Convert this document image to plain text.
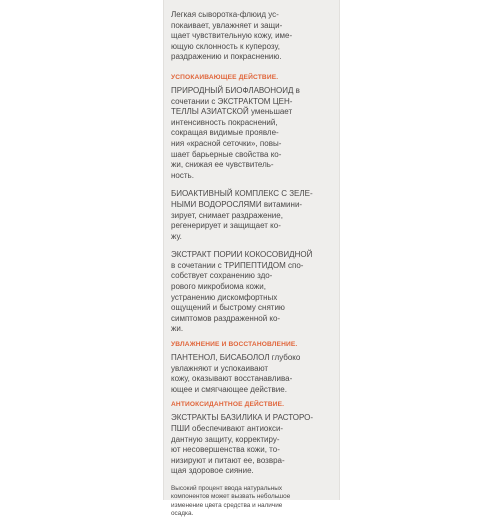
Легкая сыворотка-флюид ус-
покаивает, увлажняет и защи-
щает чувствительную кожу, име-
ющую склонность к куперозу,
раздражению и покраснению.

УСПОКАИВАЮЩЕЕ ДЕЙСТВИЕ.

ПРИРОДНЫЙ БИОФЛАВОНОИД в
сочетании с ЭКСТРАКТОМ ЦЕН-
ТЕЛЛЫ АЗИАТСКОЙ уменьшает
интенсивность покраснений,
сокращая видимые проявле-
ния «красной сеточки», повы-
шает барьерные свойства ко-
жи, снижая ее чувствитель-
ность.

БИОАКТИВНЫЙ КОМПЛЕКС С ЗЕЛЕ-
НЫМИ ВОДОРОСЛЯМИ витамини-
зирует, снимает раздражение,
регенерирует и защищает ко-
жу.

ЭКСТРАКТ ПОРИИ КОКОСОВИДНОЙ
в сочетании с ТРИПЕПТИДОМ спо-
собствует сохранению здо-
рового микробиома кожи,
устранению дискомфортных
ощущений и быстрому снятию
симптомов раздраженной ко-
жи.

УВЛАЖНЕНИЕ И ВОССТАНОВЛЕНИЕ.

ПАНТЕНОЛ, БИСАБОЛОЛ глубоко
увлажняют и успокаивают
кожу, оказывают восстанавлива-
ющее и смягчающее действие.

АНТИОКСИДАНТНОЕ ДЕЙСТВИЕ.

ЭКСТРАКТЫ БАЗИЛИКА И РАСТОРО-
ПШИ обеспечивают антиокси-
дантную защиту, корректиру-
ют несовершенства кожи, то-
низируют и питают ее, возвра-
щая здоровое сияние.

Высокий процент ввода натуральных
компонентов может вызвать небольшое
изменение цвета средства и наличие
осадка.
